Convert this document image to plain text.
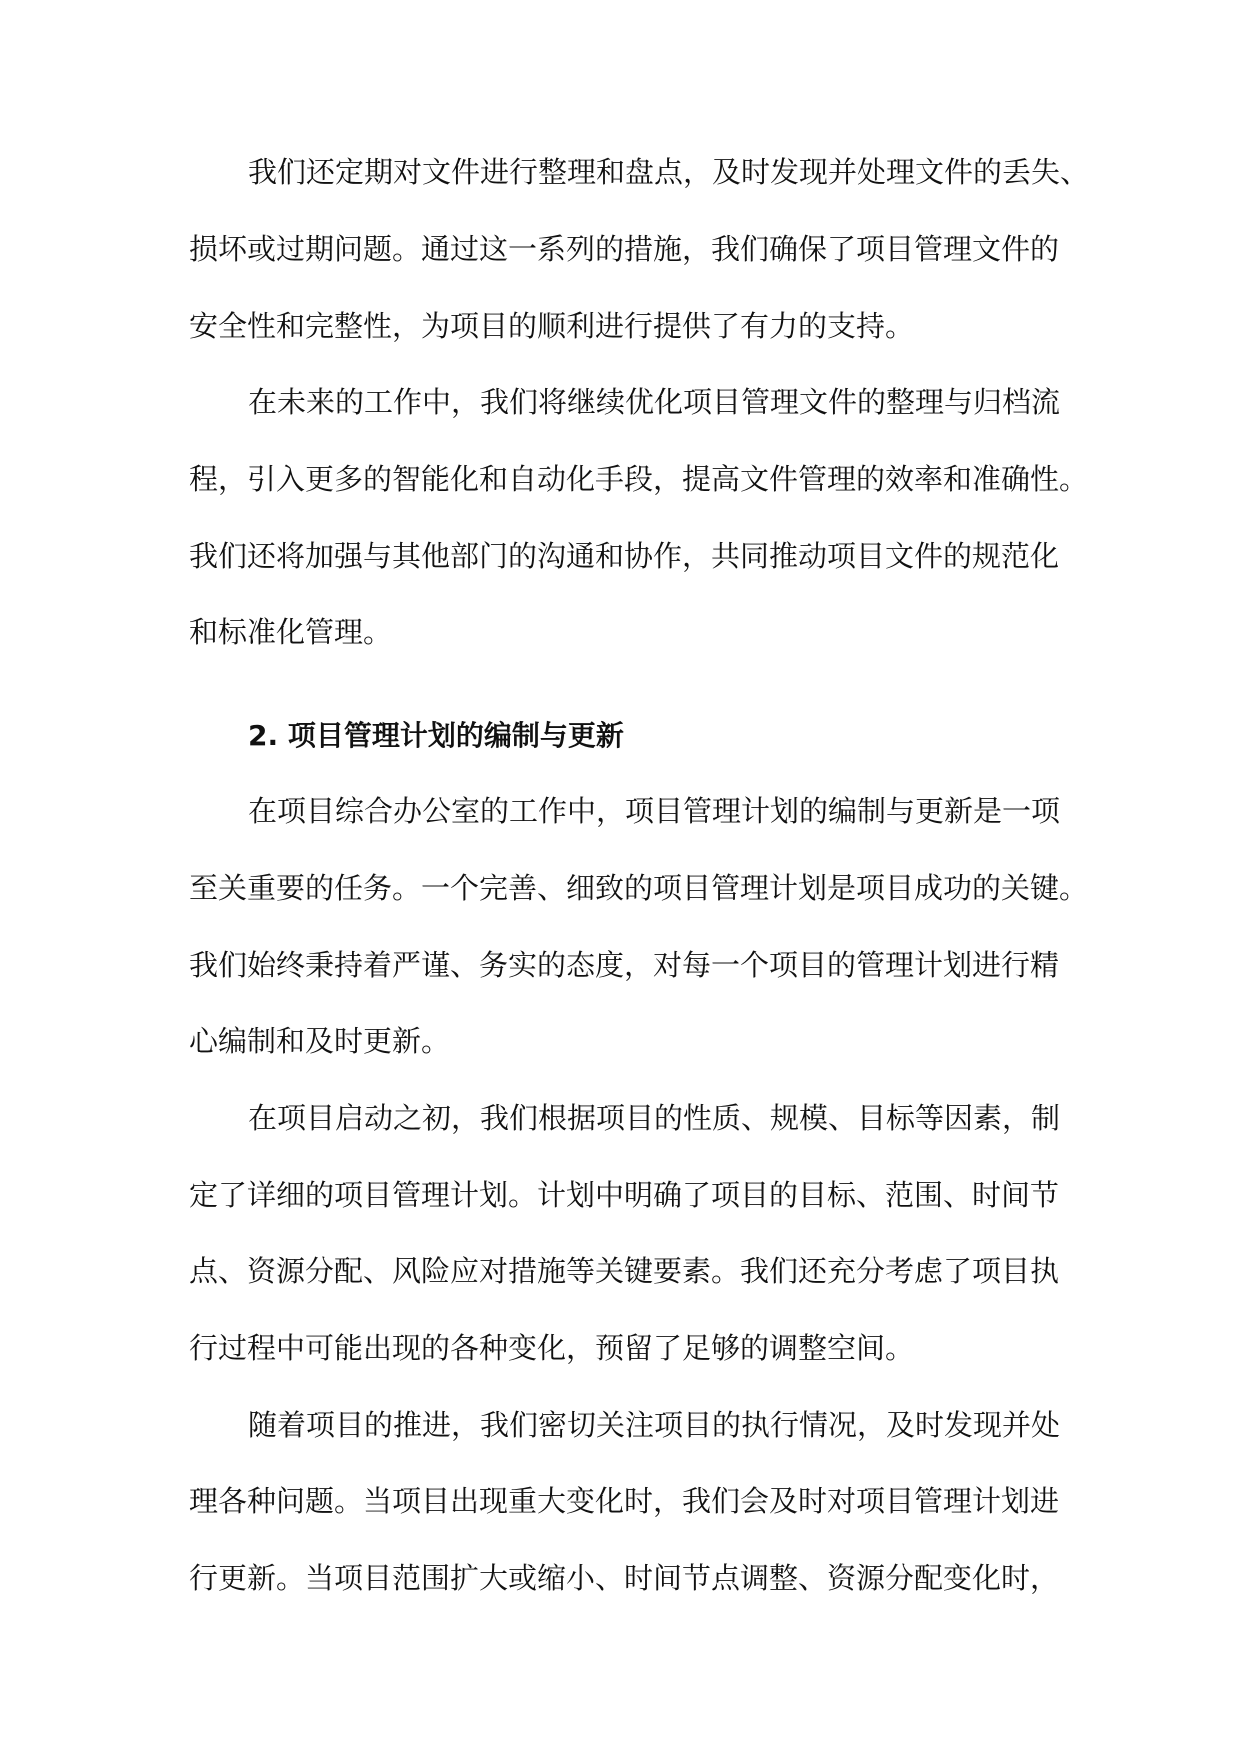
我们还定期对文件进行整理和盘点，及时发现并处理文件的丢失、
损坏或过期问题。通过这一系列的措施，我们确保了项目管理文件的
安全性和完整性，为项目的顺利进行提供了有力的支持。
在未来的工作中，我们将继续优化项目管理文件的整理与归档流
程，引入更多的智能化和自动化手段，提高文件管理的效率和准确性。
我们还将加强与其他部门的沟通和协作，共同推动项目文件的规范化
和标准化管理。
2. 项目管理计划的编制与更新
在项目综合办公室的工作中，项目管理计划的编制与更新是一项
至关重要的任务。一个完善、细致的项目管理计划是项目成功的关键。
我们始终秉持着严谨、务实的态度，对每一个项目的管理计划进行精
心编制和及时更新。
在项目启动之初，我们根据项目的性质、规模、目标等因素，制
定了详细的项目管理计划。计划中明确了项目的目标、范围、时间节
点、资源分配、风险应对措施等关键要素。我们还充分考虑了项目执
行过程中可能出现的各种变化，预留了足够的调整空间。
随着项目的推进，我们密切关注项目的执行情况，及时发现并处
理各种问题。当项目出现重大变化时，我们会及时对项目管理计划进
行更新。当项目范围扩大或缩小、时间节点调整、资源分配变化时，
